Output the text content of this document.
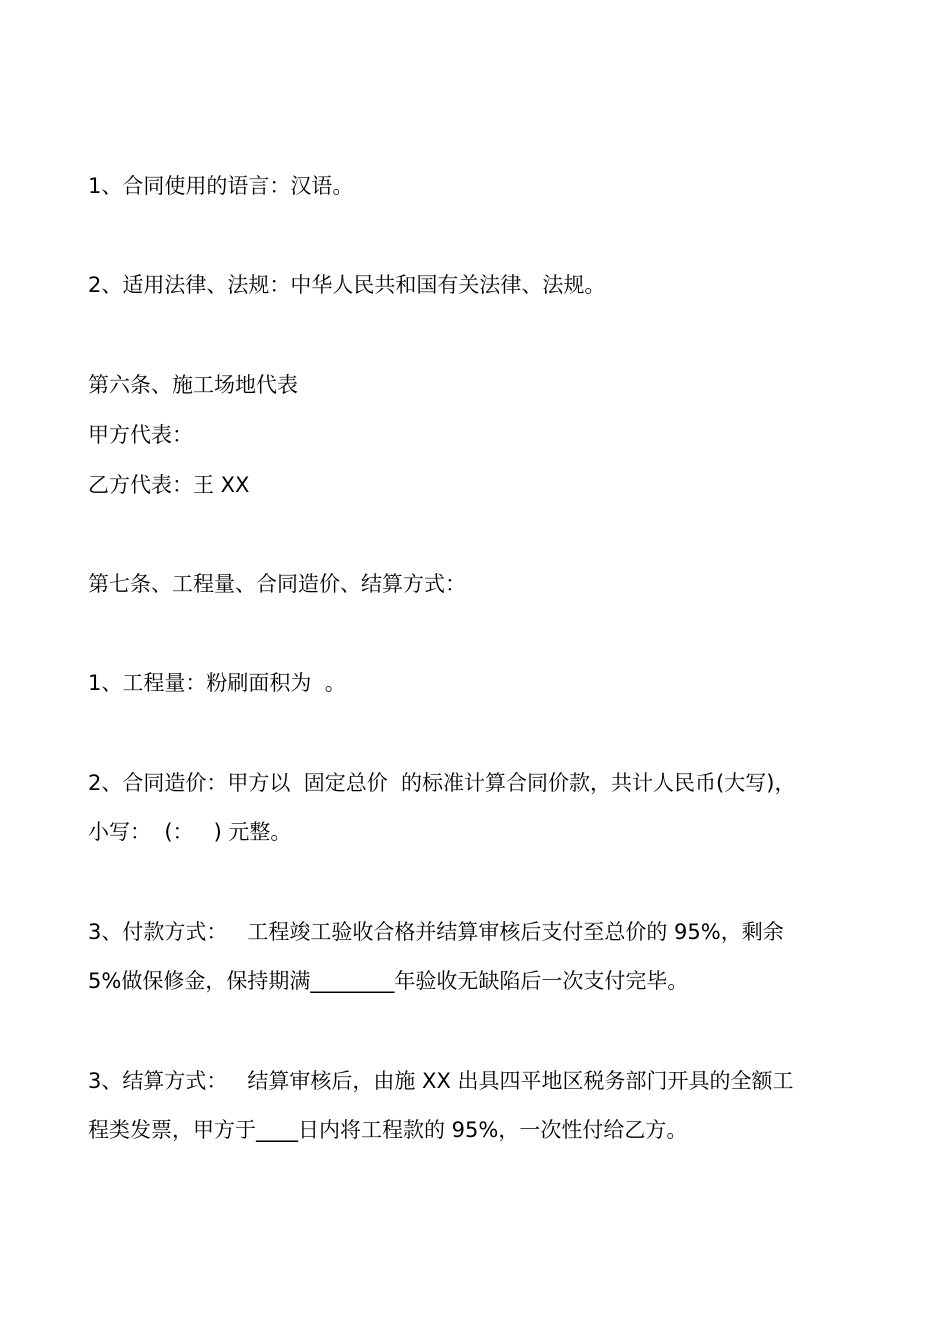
1、合同使用的语言：汉语。
2、适用法律、法规：中华人民共和国有关法律、法规。
第六条、施工场地代表
甲方代表：
乙方代表：王 XX
第七条、工程量、合同造价、结算方式：
1、工程量：粉刷面积为  。
2、合同造价：甲方以  固定总价  的标准计算合同价款，共计人民币(大写)，
小写：  (：   ) 元整。
3、付款方式：   工程竣工验收合格并结算审核后支付至总价的 95%，剩余
5%做保修金，保持期满________年验收无缺陷后一次支付完毕。
3、结算方式：   结算审核后，由施 XX 出具四平地区税务部门开具的全额工
程类发票，甲方于____日内将工程款的 95%，一次性付给乙方。
